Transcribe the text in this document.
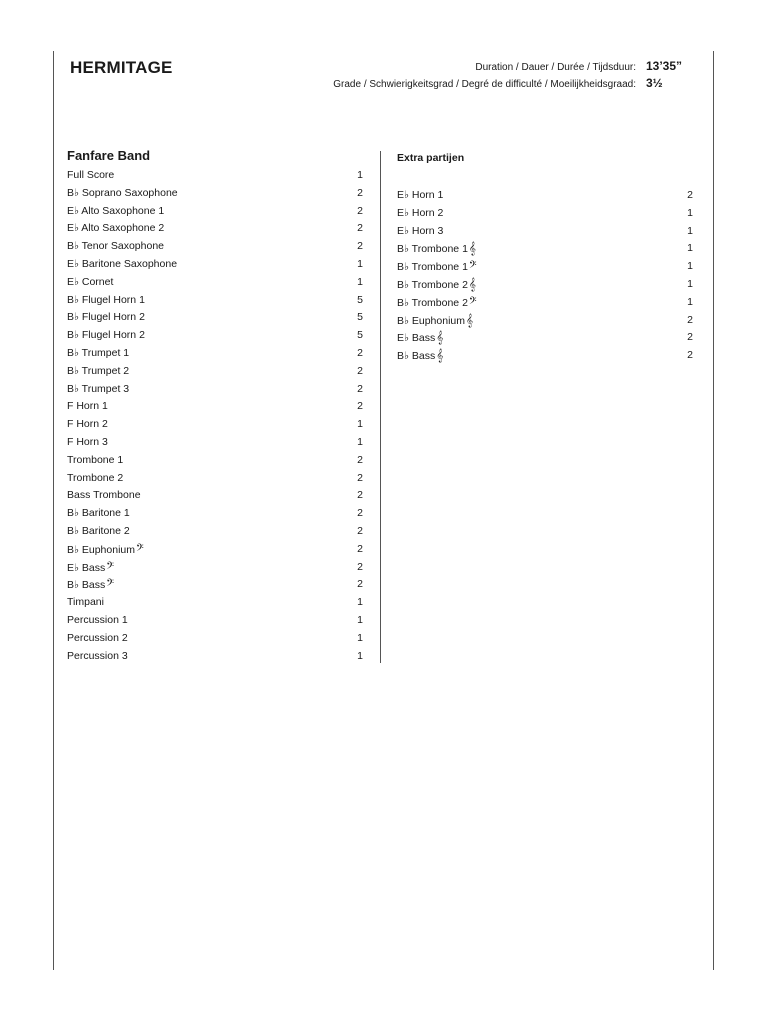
HERMITAGE	Duration / Dauer / Durée / Tijdsduur: 13’35”
Grade / Schwierigkeitsgrad / Degré de difficulté / Moeilijkheidsgraad: 3½
Fanfare Band
Full Score	1
B♭ Soprano Saxophone	2
E♭ Alto Saxophone 1	2
E♭ Alto Saxophone 2	2
B♭ Tenor Saxophone	2
E♭ Baritone Saxophone	1
E♭ Cornet	1
B♭ Flugel Horn 1	5
B♭ Flugel Horn 2	5
B♭ Flugel Horn 2	5
B♭ Trumpet 1	2
B♭ Trumpet 2	2
B♭ Trumpet 3	2
F Horn 1	2
F Horn 2	1
F Horn 3	1
Trombone 1	2
Trombone 2	2
Bass Trombone	2
B♭ Baritone 1	2
B♭ Baritone 2	2
B♭ Euphonium𝄢	2
E♭ Bass𝄢	2
B♭ Bass𝄢	2
Timpani	1
Percussion 1	1
Percussion 2	1
Percussion 3	1
Extra partijen
E♭ Horn 1	2
E♭ Horn 2	1
E♭ Horn 3	1
B♭ Trombone 1𝄞	1
B♭ Trombone 1𝄢	1
B♭ Trombone 2𝄞	1
B♭ Trombone 2𝄢	1
B♭ Euphonium𝄞	2
E♭ Bass𝄞	2
B♭ Bass𝄞	2
